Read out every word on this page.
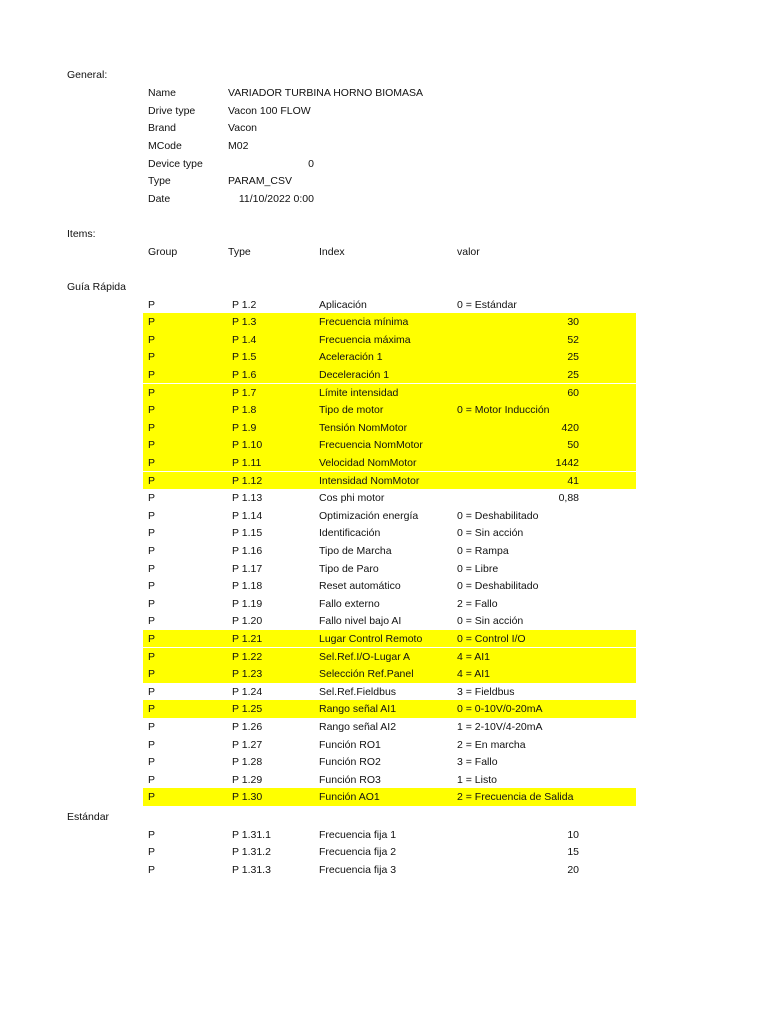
General:
Name	VARIADOR TURBINA HORNO BIOMASA
Drive type	Vacon 100 FLOW
Brand	Vacon
MCode	M02
Device type	0
Type	PARAM_CSV
Date	11/10/2022 0:00
Items:
Group	Type	Index	valor
Guía Rápida
P	P 1.2	Aplicación	0 = Estándar
P	P 1.3	Frecuencia mínima	30
P	P 1.4	Frecuencia máxima	52
P	P 1.5	Aceleración 1	25
P	P 1.6	Deceleración 1	25
P	P 1.7	Límite intensidad	60
P	P 1.8	Tipo de motor	0 = Motor Inducción
P	P 1.9	Tensión NomMotor	420
P	P 1.10	Frecuencia NomMotor	50
P	P 1.11	Velocidad NomMotor	1442
P	P 1.12	Intensidad NomMotor	41
P	P 1.13	Cos phi motor	0,88
P	P 1.14	Optimización energía	0 = Deshabilitado
P	P 1.15	Identificación	0 = Sin acción
P	P 1.16	Tipo de Marcha	0 = Rampa
P	P 1.17	Tipo de Paro	0 = Libre
P	P 1.18	Reset automático	0 = Deshabilitado
P	P 1.19	Fallo externo	2 = Fallo
P	P 1.20	Fallo nivel bajo AI	0 = Sin acción
P	P 1.21	Lugar Control Remoto	0 = Control I/O
P	P 1.22	Sel.Ref.I/O-Lugar A	4 = AI1
P	P 1.23	Selección Ref.Panel	4 = AI1
P	P 1.24	Sel.Ref.Fieldbus	3 = Fieldbus
P	P 1.25	Rango señal AI1	0 = 0-10V/0-20mA
P	P 1.26	Rango señal AI2	1 = 2-10V/4-20mA
P	P 1.27	Función RO1	2 = En marcha
P	P 1.28	Función RO2	3 = Fallo
P	P 1.29	Función RO3	1 = Listo
P	P 1.30	Función AO1	2 = Frecuencia de Salida
Estándar
P	P 1.31.1	Frecuencia fija 1	10
P	P 1.31.2	Frecuencia fija 2	15
P	P 1.31.3	Frecuencia fija 3	20
